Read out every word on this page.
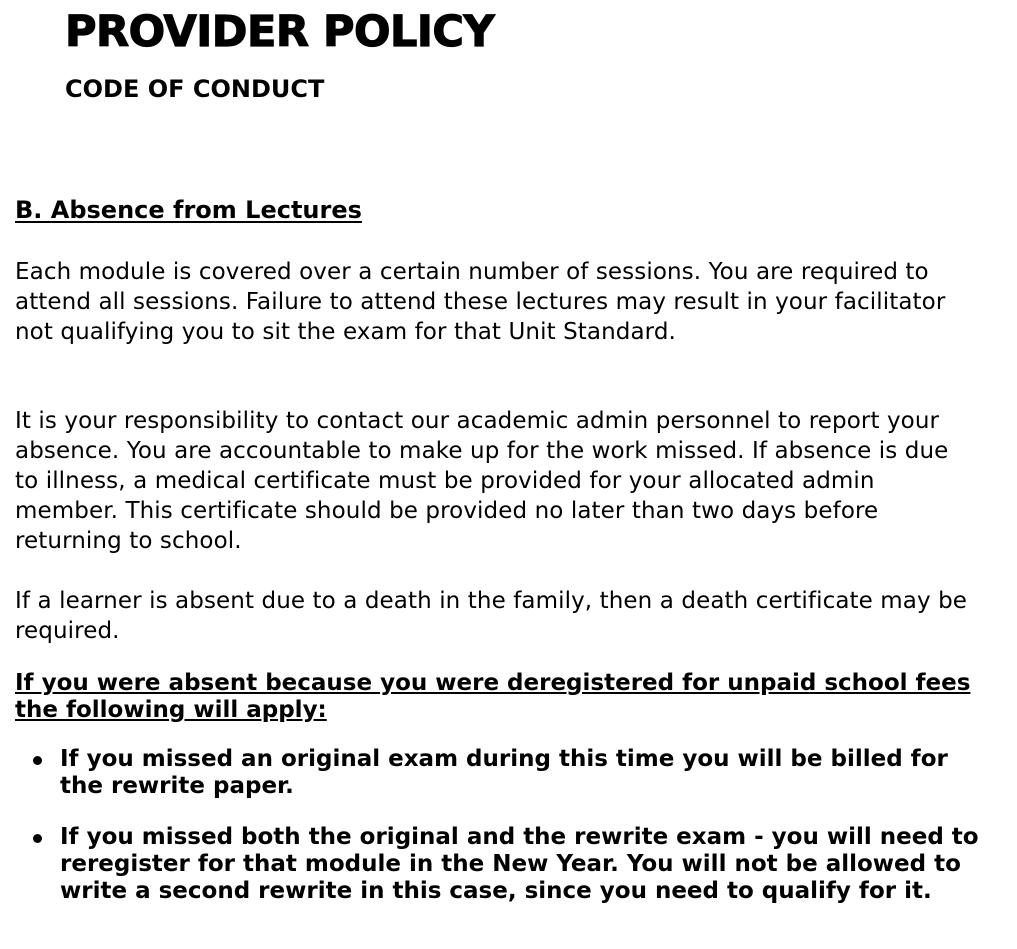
PROVIDER POLICY
CODE OF CONDUCT
B. Absence from Lectures

Each module is covered over a certain number of sessions. You are required to attend all sessions. Failure to attend these lectures may result in your facilitator not qualifying you to sit the exam for that Unit Standard.

It is your responsibility to contact our academic admin personnel to report your absence. You are accountable to make up for the work missed. If absence is due to illness, a medical certificate must be provided for your allocated admin member. This certificate should be provided no later than two days before returning to school.

If a learner is absent due to a death in the family, then a death certificate may be required.

If you were absent because you were deregistered for unpaid school fees the following will apply:

If you missed an original exam during this time you will be billed for the rewrite paper.
If you missed both the original and the rewrite exam - you will need to reregister for that module in the New Year. You will not be allowed to write a second rewrite in this case, since you need to qualify for it.
